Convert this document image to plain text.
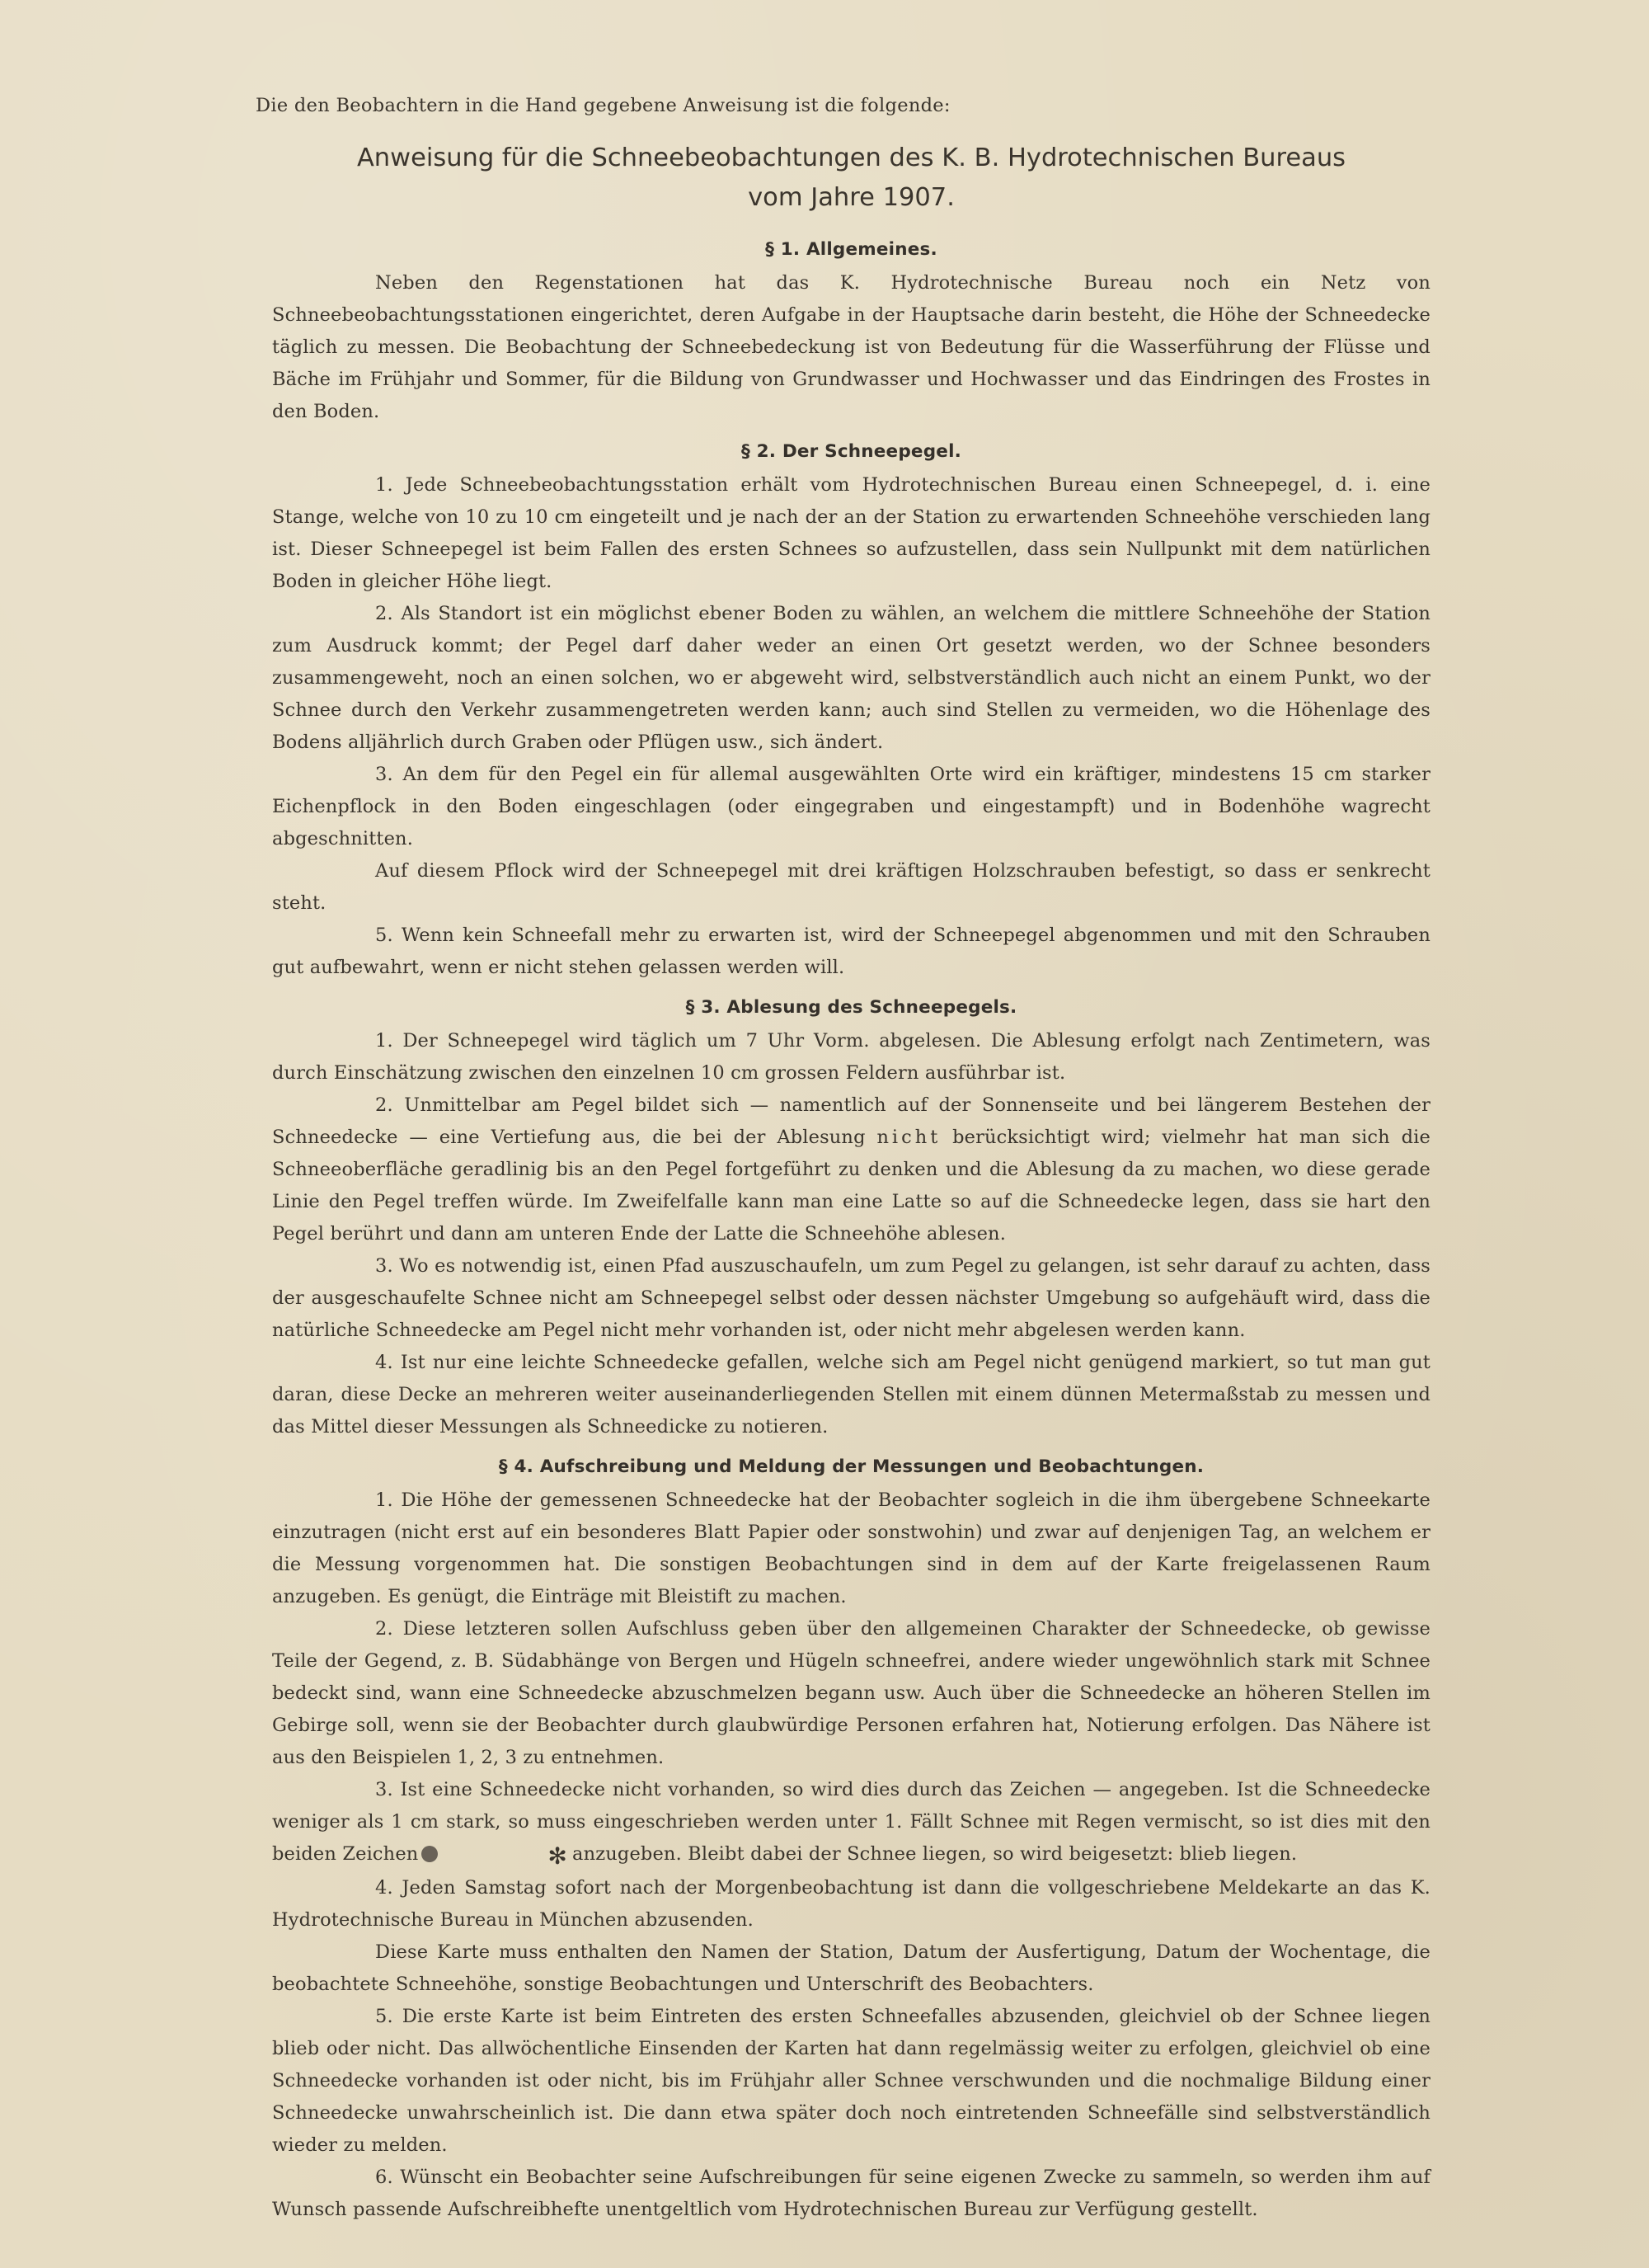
Die den Beobachtern in die Hand gegebene Anweisung ist die folgende:

Anweisung für die Schneebeobachtungen des K. B. Hydrotechnischen Bureaus
vom Jahre 1907.
§ 1. Allgemeines.

Neben den Regenstationen hat das K. Hydrotechnische Bureau noch ein Netz von Schneebeobachtungsstationen eingerichtet, deren Aufgabe in der Hauptsache darin besteht, die Höhe der Schneedecke täglich zu messen. Die Beobachtung der Schneebedeckung ist von Bedeutung für die Wasserführung der Flüsse und Bäche im Frühjahr und Sommer, für die Bildung von Grundwasser und Hochwasser und das Eindringen des Frostes in den Boden.

§ 2. Der Schneepegel.

1. Jede Schneebeobachtungsstation erhält vom Hydrotechnischen Bureau einen Schneepegel, d. i. eine Stange, welche von 10 zu 10 cm eingeteilt und je nach der an der Station zu erwartenden Schneehöhe verschieden lang ist. Dieser Schneepegel ist beim Fallen des ersten Schnees so aufzustellen, dass sein Nullpunkt mit dem natürlichen Boden in gleicher Höhe liegt.

2. Als Standort ist ein möglichst ebener Boden zu wählen, an welchem die mittlere Schneehöhe der Station zum Ausdruck kommt; der Pegel darf daher weder an einen Ort gesetzt werden, wo der Schnee besonders zusammengeweht, noch an einen solchen, wo er abgeweht wird, selbstverständlich auch nicht an einem Punkt, wo der Schnee durch den Verkehr zusammengetreten werden kann; auch sind Stellen zu vermeiden, wo die Höhenlage des Bodens alljährlich durch Graben oder Pflügen usw., sich ändert.

3. An dem für den Pegel ein für allemal ausgewählten Orte wird ein kräftiger, mindestens 15 cm starker Eichenpflock in den Boden eingeschlagen (oder eingegraben und eingestampft) und in Bodenhöhe wagrecht abgeschnitten.

Auf diesem Pflock wird der Schneepegel mit drei kräftigen Holzschrauben befestigt, so dass er senkrecht steht.

5. Wenn kein Schneefall mehr zu erwarten ist, wird der Schneepegel abgenommen und mit den Schrauben gut aufbewahrt, wenn er nicht stehen gelassen werden will.

§ 3. Ablesung des Schneepegels.

1. Der Schneepegel wird täglich um 7 Uhr Vorm. abgelesen. Die Ablesung erfolgt nach Zentimetern, was durch Einschätzung zwischen den einzelnen 10 cm grossen Feldern ausführbar ist.

2. Unmittelbar am Pegel bildet sich — namentlich auf der Sonnenseite und bei längerem Bestehen der Schneedecke — eine Vertiefung aus, die bei der Ablesung nicht berücksichtigt wird; vielmehr hat man sich die Schneeoberfläche geradlinig bis an den Pegel fortgeführt zu denken und die Ablesung da zu machen, wo diese gerade Linie den Pegel treffen würde. Im Zweifelfalle kann man eine Latte so auf die Schneedecke legen, dass sie hart den Pegel berührt und dann am unteren Ende der Latte die Schneehöhe ablesen.

3. Wo es notwendig ist, einen Pfad auszuschaufeln, um zum Pegel zu gelangen, ist sehr darauf zu achten, dass der ausgeschaufelte Schnee nicht am Schneepegel selbst oder dessen nächster Umgebung so aufgehäuft wird, dass die natürliche Schneedecke am Pegel nicht mehr vorhanden ist, oder nicht mehr abgelesen werden kann.

4. Ist nur eine leichte Schneedecke gefallen, welche sich am Pegel nicht genügend markiert, so tut man gut daran, diese Decke an mehreren weiter auseinanderliegenden Stellen mit einem dünnen Metermaßstab zu messen und das Mittel dieser Messungen als Schneedicke zu notieren.

§ 4. Aufschreibung und Meldung der Messungen und Beobachtungen.

1. Die Höhe der gemessenen Schneedecke hat der Beobachter sogleich in die ihm übergebene Schneekarte einzutragen (nicht erst auf ein besonderes Blatt Papier oder sonstwohin) und zwar auf denjenigen Tag, an welchem er die Messung vorgenommen hat. Die sonstigen Beobachtungen sind in dem auf der Karte freigelassenen Raum anzugeben. Es genügt, die Einträge mit Bleistift zu machen.

2. Diese letzteren sollen Aufschluss geben über den allgemeinen Charakter der Schneedecke, ob gewisse Teile der Gegend, z. B. Südabhänge von Bergen und Hügeln schneefrei, andere wieder ungewöhnlich stark mit Schnee bedeckt sind, wann eine Schneedecke abzuschmelzen begann usw. Auch über die Schneedecke an höheren Stellen im Gebirge soll, wenn sie der Beobachter durch glaubwürdige Personen erfahren hat, Notierung erfolgen. Das Nähere ist aus den Beispielen 1, 2, 3 zu entnehmen.

3. Ist eine Schneedecke nicht vorhanden, so wird dies durch das Zeichen — angegeben. Ist die Schneedecke weniger als 1 cm stark, so muss eingeschrieben werden unter 1. Fällt Schnee mit Regen vermischt, so ist dies mit den beiden Zeichen	✻ anzugeben. Bleibt dabei der Schnee liegen, so wird beigesetzt: blieb liegen.

4. Jeden Samstag sofort nach der Morgenbeobachtung ist dann die vollgeschriebene Meldekarte an das K. Hydrotechnische Bureau in München abzusenden.

Diese Karte muss enthalten den Namen der Station, Datum der Ausfertigung, Datum der Wochentage, die beobachtete Schneehöhe, sonstige Beobachtungen und Unterschrift des Beobachters.

5. Die erste Karte ist beim Eintreten des ersten Schneefalles abzusenden, gleichviel ob der Schnee liegen blieb oder nicht. Das allwöchentliche Einsenden der Karten hat dann regelmässig weiter zu erfolgen, gleichviel ob eine Schneedecke vorhanden ist oder nicht, bis im Frühjahr aller Schnee verschwunden und die nochmalige Bildung einer Schneedecke unwahrscheinlich ist. Die dann etwa später doch noch eintretenden Schneefälle sind selbstverständlich wieder zu melden.

6. Wünscht ein Beobachter seine Aufschreibungen für seine eigenen Zwecke zu sammeln, so werden ihm auf Wunsch passende Aufschreibhefte unentgeltlich vom Hydrotechnischen Bureau zur Verfügung gestellt.
